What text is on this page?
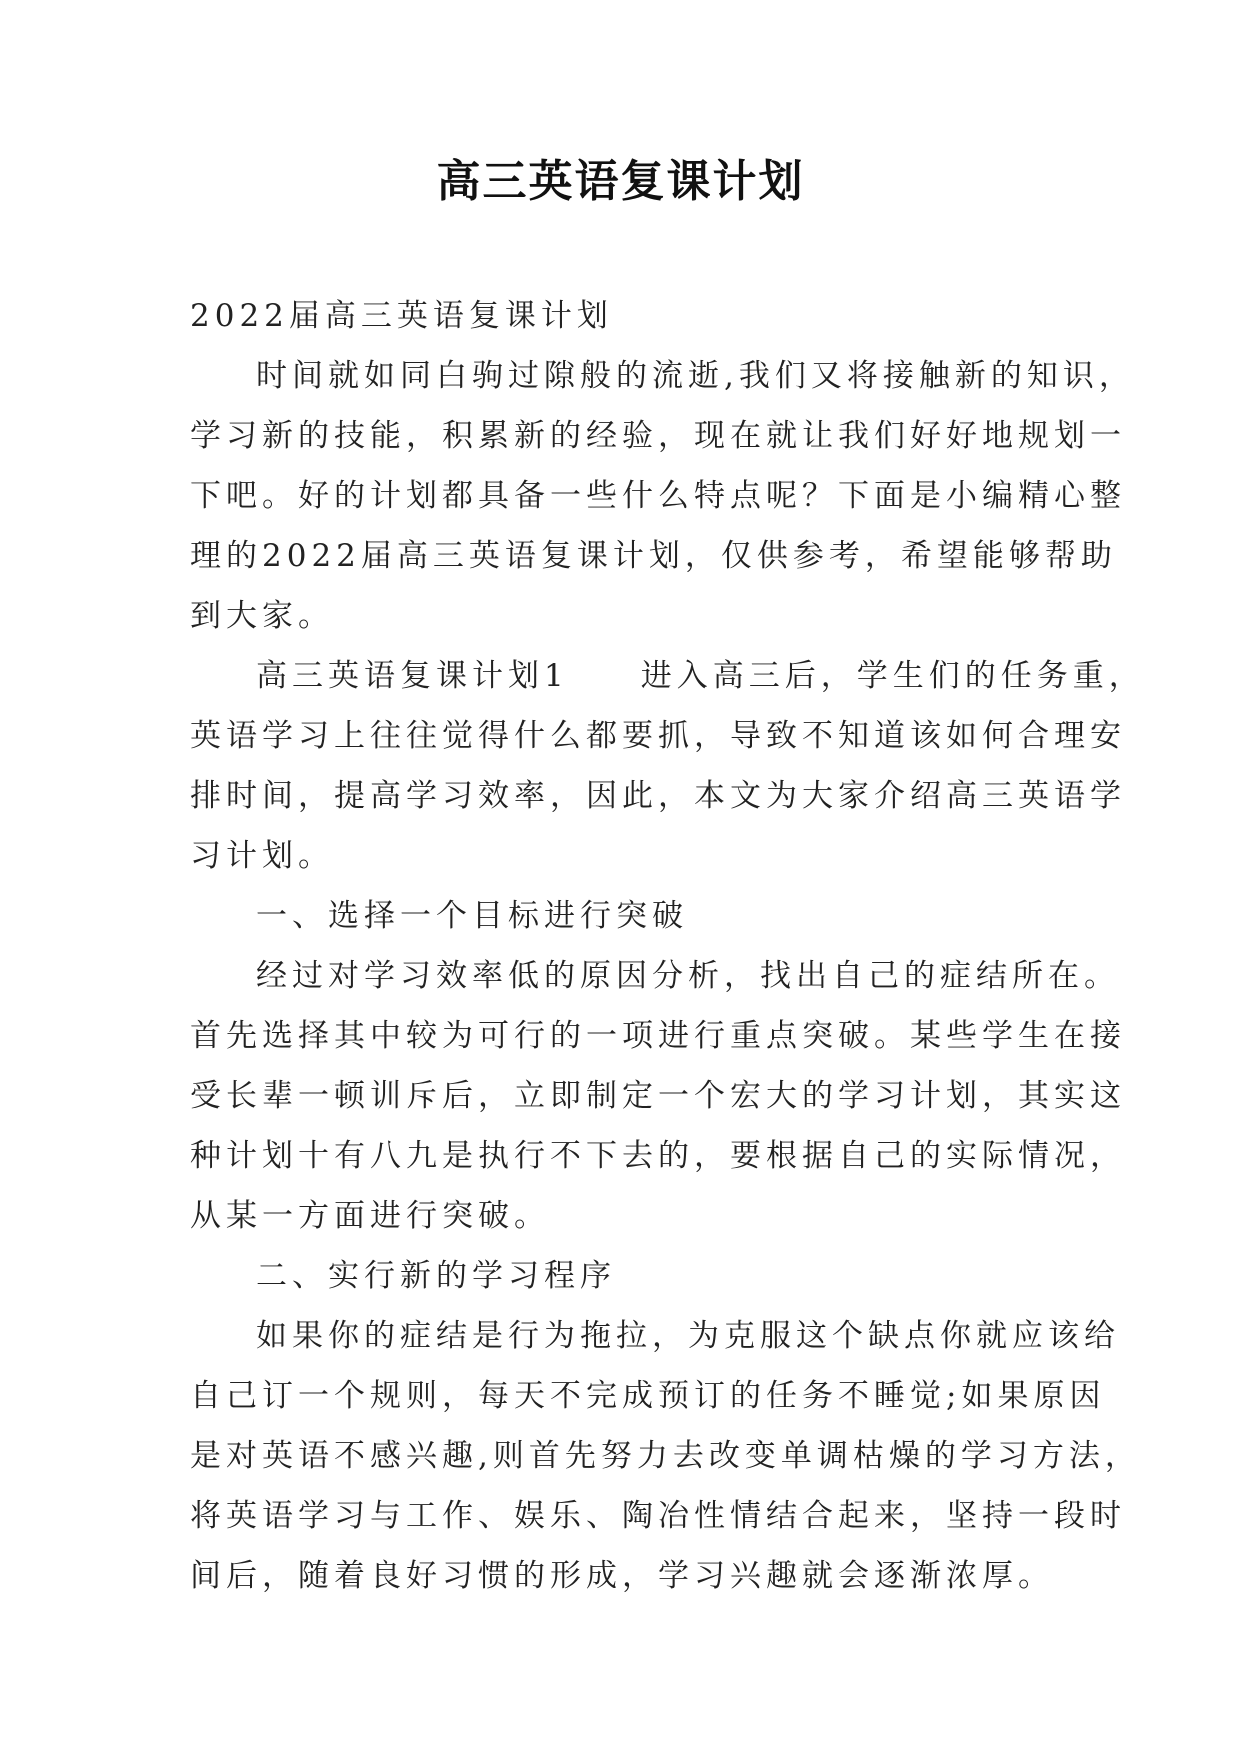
高三英语复课计划

2022届高三英语复课计划

时间就如同白驹过隙般的流逝,我们又将接触新的知识，

学习新的技能，积累新的经验，现在就让我们好好地规划一

下吧。好的计划都具备一些什么特点呢？下面是小编精心整

理的2022届高三英语复课计划，仅供参考，希望能够帮助

到大家。

高三英语复课计划1　　进入高三后，学生们的任务重，

英语学习上往往觉得什么都要抓，导致不知道该如何合理安

排时间，提高学习效率，因此，本文为大家介绍高三英语学

习计划。

一、选择一个目标进行突破

经过对学习效率低的原因分析，找出自己的症结所在。

首先选择其中较为可行的一项进行重点突破。某些学生在接

受长辈一顿训斥后，立即制定一个宏大的学习计划，其实这

种计划十有八九是执行不下去的，要根据自己的实际情况，

从某一方面进行突破。

二、实行新的学习程序

如果你的症结是行为拖拉，为克服这个缺点你就应该给

自己订一个规则，每天不完成预订的任务不睡觉;如果原因

是对英语不感兴趣,则首先努力去改变单调枯燥的学习方法，

将英语学习与工作、娱乐、陶冶性情结合起来，坚持一段时

间后，随着良好习惯的形成，学习兴趣就会逐渐浓厚。
